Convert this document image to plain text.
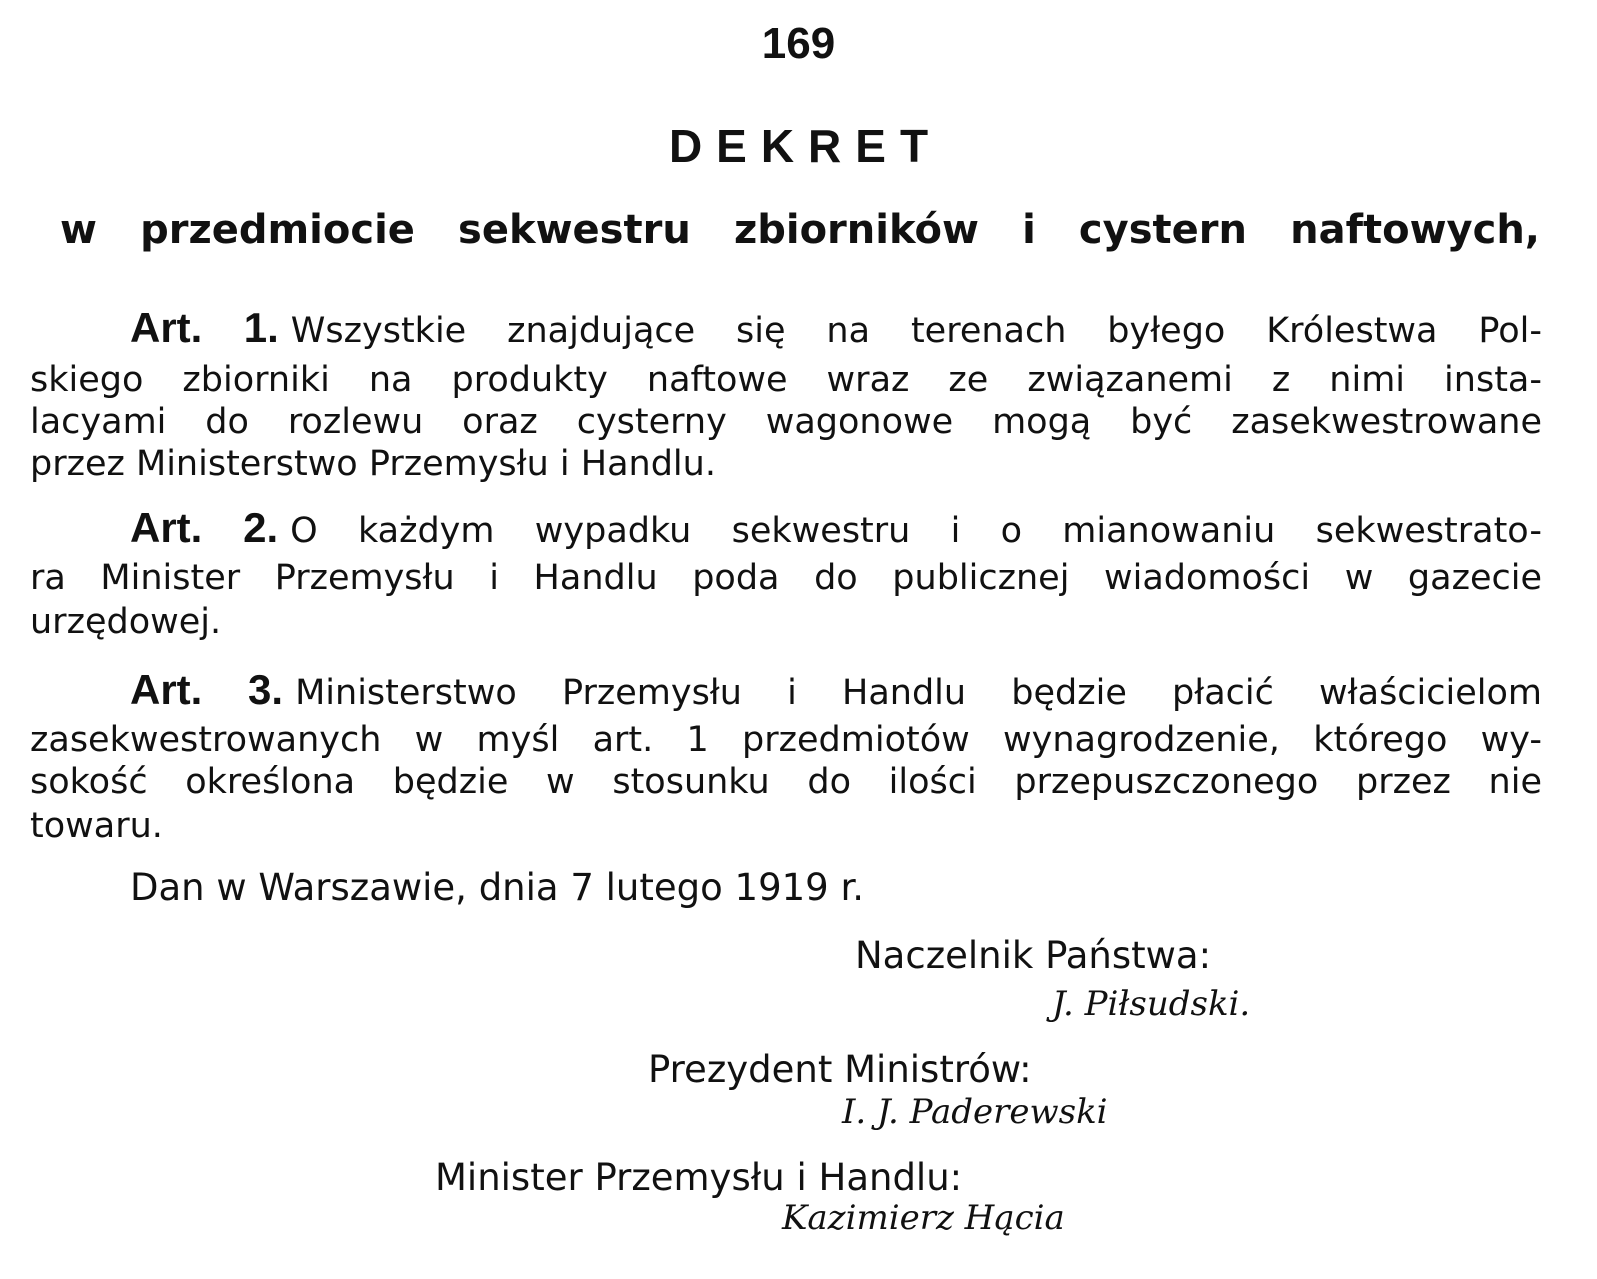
169
DEKRET
w przedmiocie sekwestru zbiorników i cystern naftowych,
Art. 1. Wszystkie znajdujące się na terenach byłego Królestwa Pol-
skiego zbiorniki na produkty naftowe wraz ze związanemi z nimi insta-
lacyami do rozlewu oraz cysterny wagonowe mogą być zasekwestrowane
przez Ministerstwo Przemysłu i Handlu.
Art. 2. O każdym wypadku sekwestru i o mianowaniu sekwestrato-
ra Minister Przemysłu i Handlu poda do publicznej wiadomości w gazecie
urzędowej.
Art. 3. Ministerstwo Przemysłu i Handlu będzie płacić właścicielom
zasekwestrowanych w myśl art. 1 przedmiotów wynagrodzenie, którego wy-
sokość określona będzie w stosunku do ilości przepuszczonego przez nie
towaru.
Dan w Warszawie, dnia 7 lutego 1919 r.
Naczelnik Państwa:
J. Piłsudski.
Prezydent Ministrów:
I. J. Paderewski
Minister Przemysłu i Handlu:
Kazimierz Hącia
